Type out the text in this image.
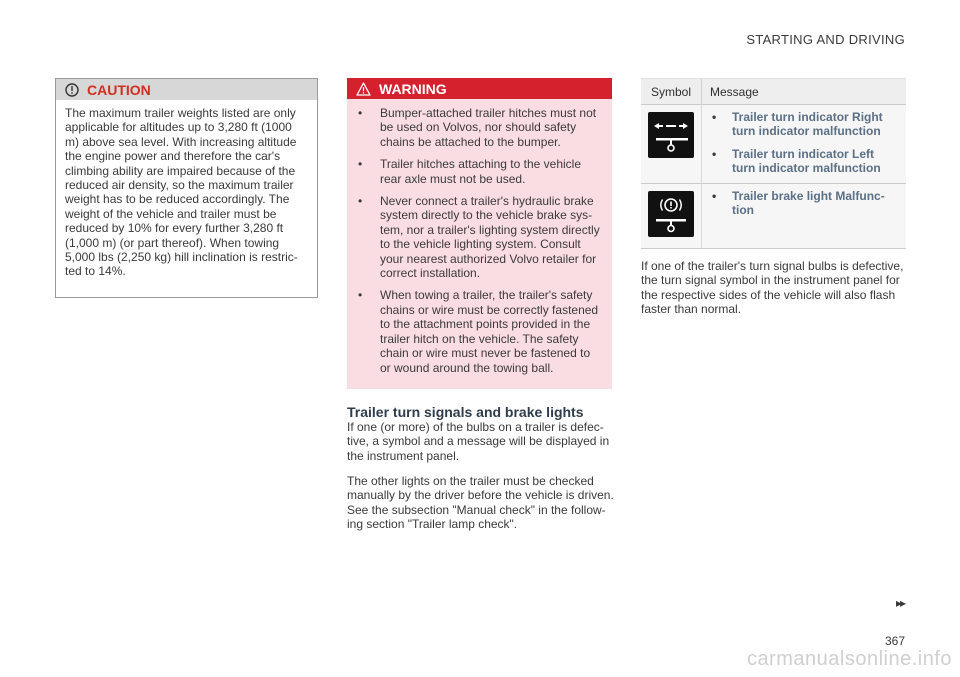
STARTING AND DRIVING
CAUTION
The maximum trailer weights listed are only applicable for altitudes up to 3,280 ft (1000 m) above sea level. With increasing altitude the engine power and therefore the car's climbing ability are impaired because of the reduced air density, so the maximum trailer weight has to be reduced accordingly. The weight of the vehicle and trailer must be reduced by 10% for every further 3,280 ft (1,000 m) (or part thereof). When towing 5,000 lbs (2,250 kg) hill inclination is restric-ted to 14%.
WARNING
• Bumper-attached trailer hitches must not be used on Volvos, nor should safety chains be attached to the bumper.
• Trailer hitches attaching to the vehicle rear axle must not be used.
• Never connect a trailer's hydraulic brake system directly to the vehicle brake sys-tem, nor a trailer's lighting system directly to the vehicle lighting system. Consult your nearest authorized Volvo retailer for correct installation.
• When towing a trailer, the trailer's safety chains or wire must be correctly fastened to the attachment points provided in the trailer hitch on the vehicle. The safety chain or wire must never be fastened to or wound around the towing ball.
Trailer turn signals and brake lights
If one (or more) of the bulbs on a trailer is defec-tive, a symbol and a message will be displayed in the instrument panel.
The other lights on the trailer must be checked manually by the driver before the vehicle is driven. See the subsection "Manual check" in the follow-ing section "Trailer lamp check".
Symbol	Message
• Trailer turn indicator Right turn indicator malfunction
• Trailer turn indicator Left turn indicator malfunction
• Trailer brake light Malfunc-tion
If one of the trailer's turn signal bulbs is defective, the turn signal symbol in the instrument panel for the respective sides of the vehicle will also flash faster than normal.
▸▸
367
carmanualsonline.info
